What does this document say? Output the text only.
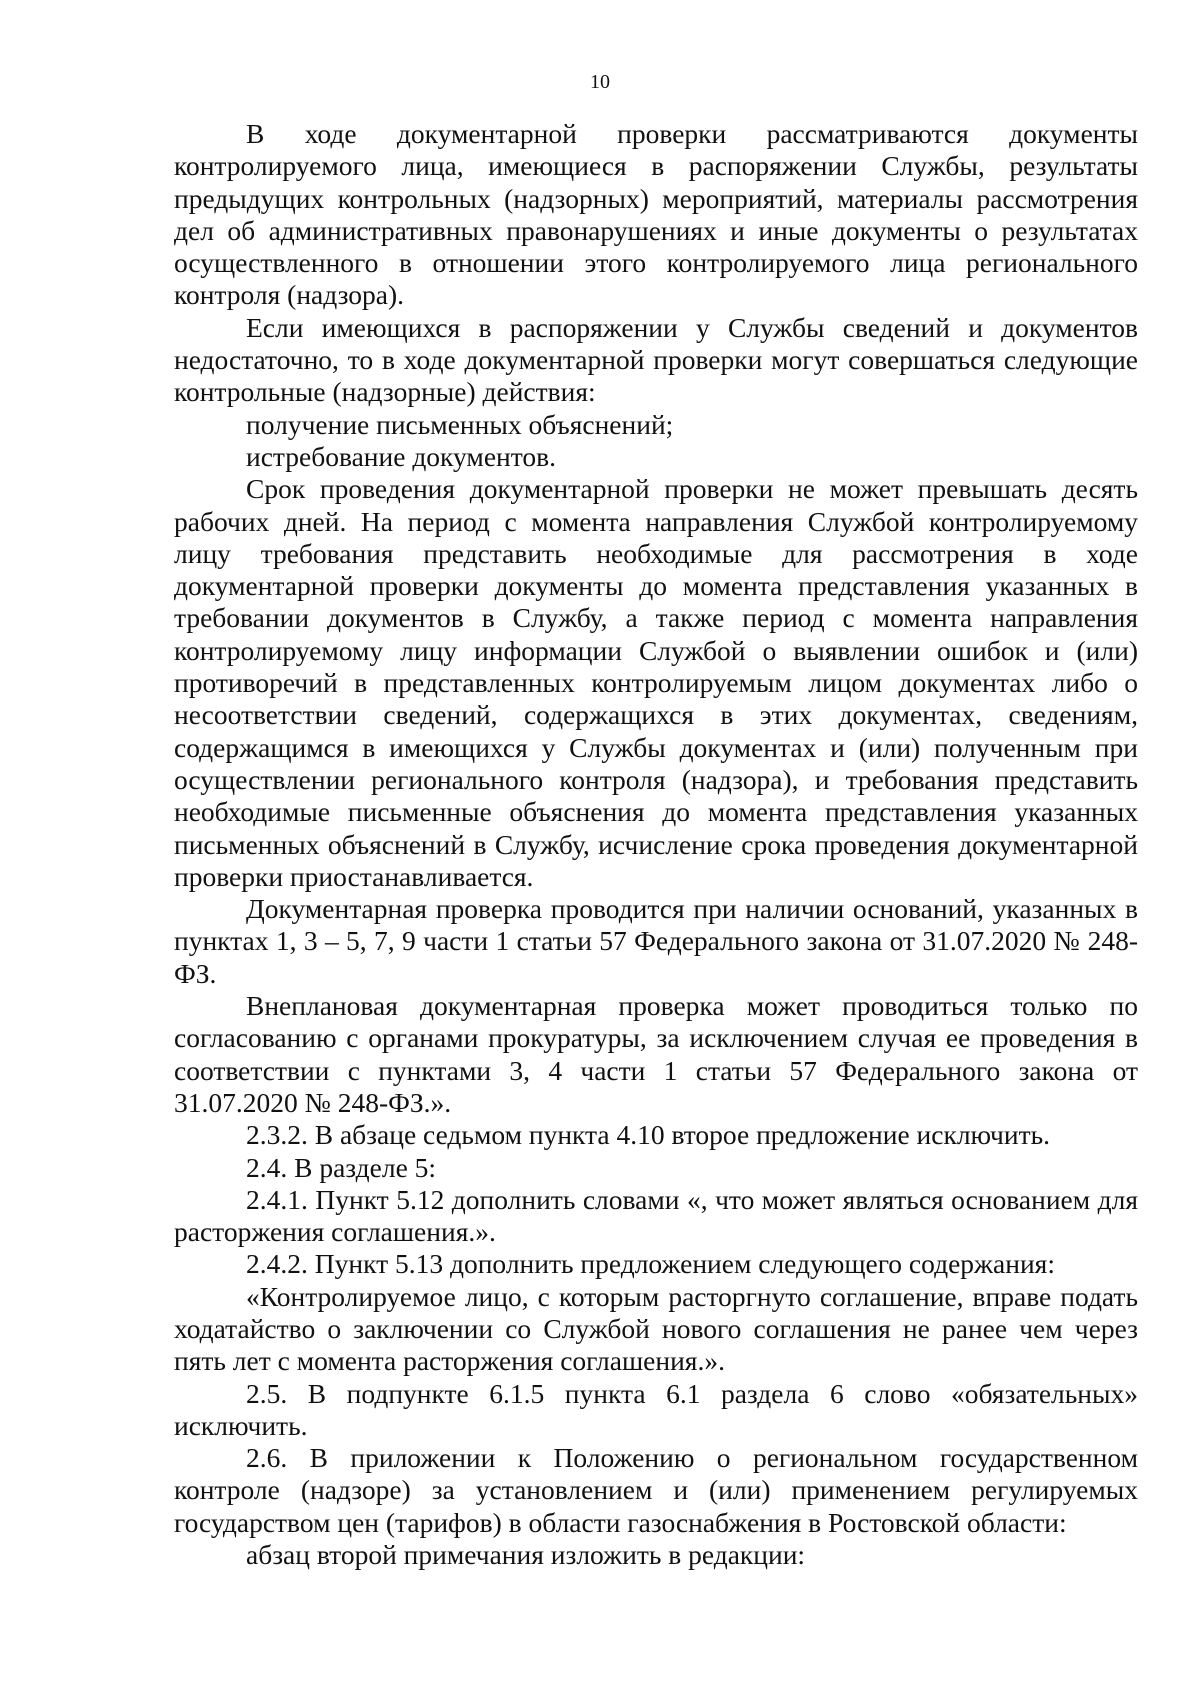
10

В ходе документарной проверки рассматриваются документы контролируемого лица, имеющиеся в распоряжении Службы, результаты предыдущих контрольных (надзорных) мероприятий, материалы рассмотрения дел об административных правонарушениях и иные документы о результатах осуществленного в отношении этого контролируемого лица регионального контроля (надзора).

Если имеющихся в распоряжении у Службы сведений и документов недостаточно, то в ходе документарной проверки могут совершаться следующие контрольные (надзорные) действия:

получение письменных объяснений;

истребование документов.

Срок проведения документарной проверки не может превышать десять рабочих дней. На период с момента направления Службой контролируемому лицу требования представить необходимые для рассмотрения в ходе документарной проверки документы до момента представления указанных в требовании документов в Службу, а также период с момента направления контролируемому лицу информации Службой о выявлении ошибок и (или) противоречий в представленных контролируемым лицом документах либо о несоответствии сведений, содержащихся в этих документах, сведениям, содержащимся в имеющихся у Службы документах и (или) полученным при осуществлении регионального контроля (надзора), и требования представить необходимые письменные объяснения до момента представления указанных письменных объяснений в Службу, исчисление срока проведения документарной проверки приостанавливается.

Документарная проверка проводится при наличии оснований, указанных в пунктах 1, 3 – 5, 7, 9 части 1 статьи 57 Федерального закона от 31.07.2020 № 248-ФЗ.

Внеплановая документарная проверка может проводиться только по согласованию с органами прокуратуры, за исключением случая ее проведения в соответствии с пунктами 3, 4 части 1 статьи 57 Федерального закона от 31.07.2020 № 248-ФЗ.».

2.3.2. В абзаце седьмом пункта 4.10 второе предложение исключить.

2.4. В разделе 5:

2.4.1. Пункт 5.12 дополнить словами «, что может являться основанием для расторжения соглашения.».

2.4.2. Пункт 5.13 дополнить предложением следующего содержания:

«Контролируемое лицо, с которым расторгнуто соглашение, вправе подать ходатайство о заключении со Службой нового соглашения не ранее чем через пять лет с момента расторжения соглашения.».

2.5. В подпункте 6.1.5 пункта 6.1 раздела 6 слово «обязательных» исключить.

2.6. В приложении к Положению о региональном государственном контроле (надзоре) за установлением и (или) применением регулируемых государством цен (тарифов) в области газоснабжения в Ростовской области:

абзац второй примечания изложить в редакции:
